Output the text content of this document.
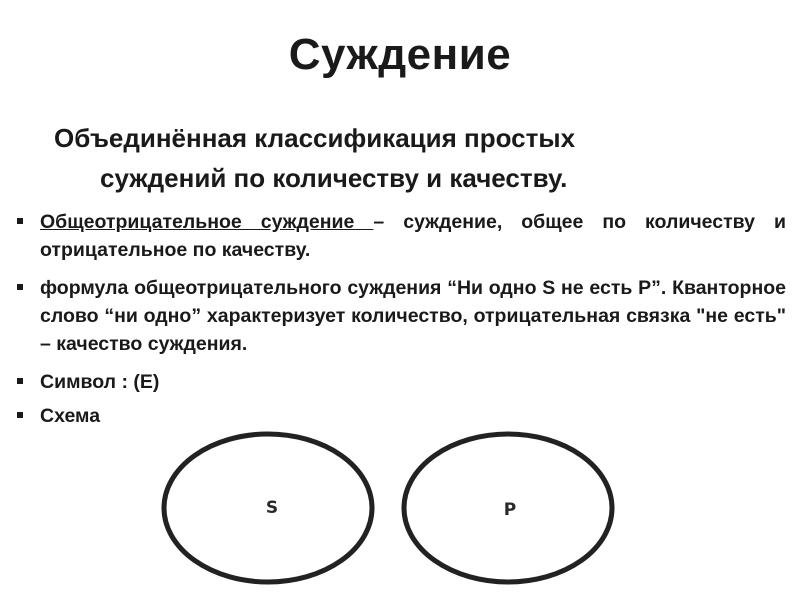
Суждение
Объединённая классификация простых
суждений по количеству и качеству.
Общеотрицательное суждение – суждение, общее по количеству и отрицательное по качеству.
формула общеотрицательного суждения “Ни одно S не есть Р”. Кванторное слово “ни одно” характеризует количество, отрицательная связка "не есть" – качество суждения.
Символ : (Е)
Схема
S	P
